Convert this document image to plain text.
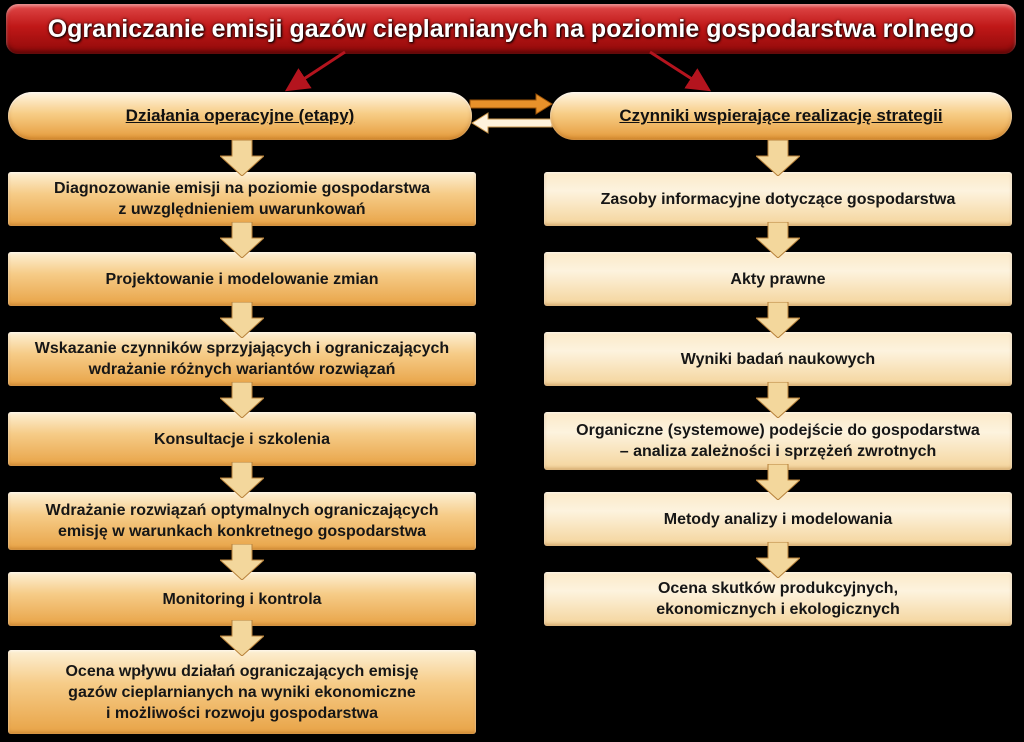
Ograniczanie emisji gazów cieplarnianych na poziomie gospodarstwa rolnego
Działania operacyjne (etapy)	Czynniki wspierające realizację strategii
Diagnozowanie emisji na poziomie gospodarstwa
z uwzględnieniem uwarunkowań
Projektowanie i modelowanie zmian
Wskazanie czynników sprzyjających i ograniczających
wdrażanie różnych wariantów rozwiązań
Konsultacje i szkolenia
Wdrażanie rozwiązań optymalnych ograniczających
emisję w warunkach konkretnego gospodarstwa
Monitoring i kontrola
Ocena wpływu działań ograniczających emisję
gazów cieplarnianych na wyniki ekonomiczne
i możliwości rozwoju gospodarstwa
Zasoby informacyjne dotyczące gospodarstwa
Akty prawne
Wyniki badań naukowych
Organiczne (systemowe) podejście do gospodarstwa
– analiza zależności i sprzężeń zwrotnych
Metody analizy i modelowania
Ocena skutków produkcyjnych,
ekonomicznych i ekologicznych
